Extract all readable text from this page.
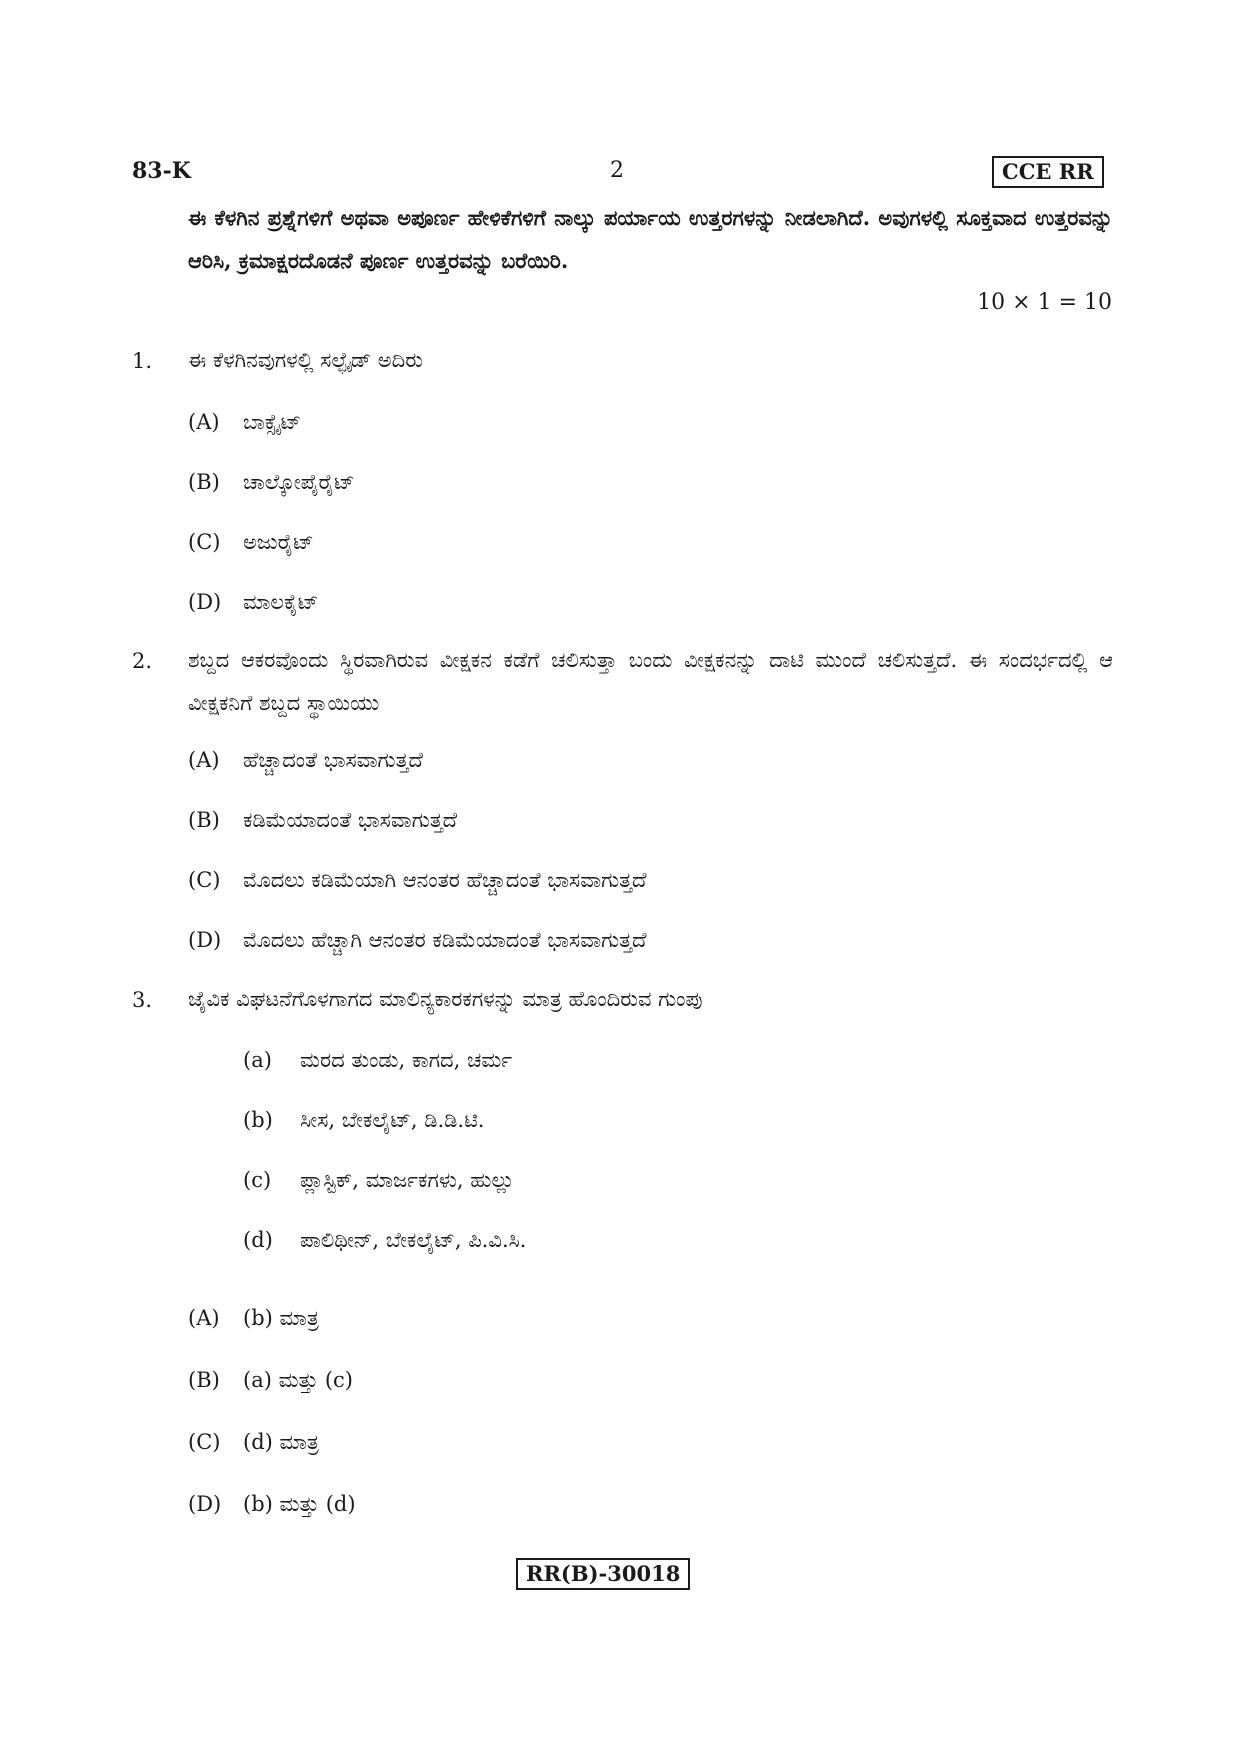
83-K	2	CCE RR
ಈ ಕೆಳಗಿನ ಪ್ರಶ್ನೆಗಳಿಗೆ ಅಥವಾ ಅಪೂರ್ಣ ಹೇಳಿಕೆಗಳಿಗೆ ನಾಲ್ಕು ಪರ್ಯಾಯ ಉತ್ತರಗಳನ್ನು ನೀಡಲಾಗಿದೆ. ಅವುಗಳಲ್ಲಿ ಸೂಕ್ತವಾದ ಉತ್ತರವನ್ನು ಆರಿಸಿ, ಕ್ರಮಾಕ್ಷರದೊಡನೆ ಪೂರ್ಣ ಉತ್ತರವನ್ನು ಬರೆಯಿರಿ.
10 × 1 = 10
1. ಈ ಕೆಳಗಿನವುಗಳಲ್ಲಿ ಸಲ್ಫೈಡ್ ಅದಿರು
(A) ಬಾಕ್ಸೈಟ್
(B) ಚಾಲ್ಕೋಪೈರೈಟ್
(C) ಅಜುರೈಟ್
(D) ಮಾಲಕೈಟ್
2. ಶಬ್ದದ ಆಕರವೊಂದು ಸ್ಥಿರವಾಗಿರುವ ವೀಕ್ಷಕನ ಕಡೆಗೆ ಚಲಿಸುತ್ತಾ ಬಂದು ವೀಕ್ಷಕನನ್ನು ದಾಟಿ ಮುಂದೆ ಚಲಿಸುತ್ತದೆ. ಈ ಸಂದರ್ಭದಲ್ಲಿ ಆ ವೀಕ್ಷಕನಿಗೆ ಶಬ್ದದ ಸ್ಥಾಯಿಯು
(A) ಹೆಚ್ಚಾದಂತೆ ಭಾಸವಾಗುತ್ತದೆ
(B) ಕಡಿಮೆಯಾದಂತೆ ಭಾಸವಾಗುತ್ತದೆ
(C) ಮೊದಲು ಕಡಿಮೆಯಾಗಿ ಆನಂತರ ಹೆಚ್ಚಾದಂತೆ ಭಾಸವಾಗುತ್ತದೆ
(D) ಮೊದಲು ಹೆಚ್ಚಾಗಿ ಆನಂತರ ಕಡಿಮೆಯಾದಂತೆ ಭಾಸವಾಗುತ್ತದೆ
3. ಜೈವಿಕ ವಿಘಟನೆಗೊಳಗಾಗದ ಮಾಲಿನ್ಯಕಾರಕಗಳನ್ನು ಮಾತ್ರ ಹೊಂದಿರುವ ಗುಂಪು
(a) ಮರದ ತುಂಡು, ಕಾಗದ, ಚರ್ಮ
(b) ಸೀಸ, ಬೇಕಲೈಟ್, ಡಿ.ಡಿ.ಟಿ.
(c) ಪ್ಲಾಸ್ಟಿಕ್, ಮಾರ್ಜಕಗಳು, ಹುಲ್ಲು
(d) ಪಾಲಿಥೀನ್, ಬೇಕಲೈಟ್, ಪಿ.ವಿ.ಸಿ.
(A) (b) ಮಾತ್ರ
(B) (a) ಮತ್ತು (c)
(C) (d) ಮಾತ್ರ
(D) (b) ಮತ್ತು (d)
RR(B)-30018
